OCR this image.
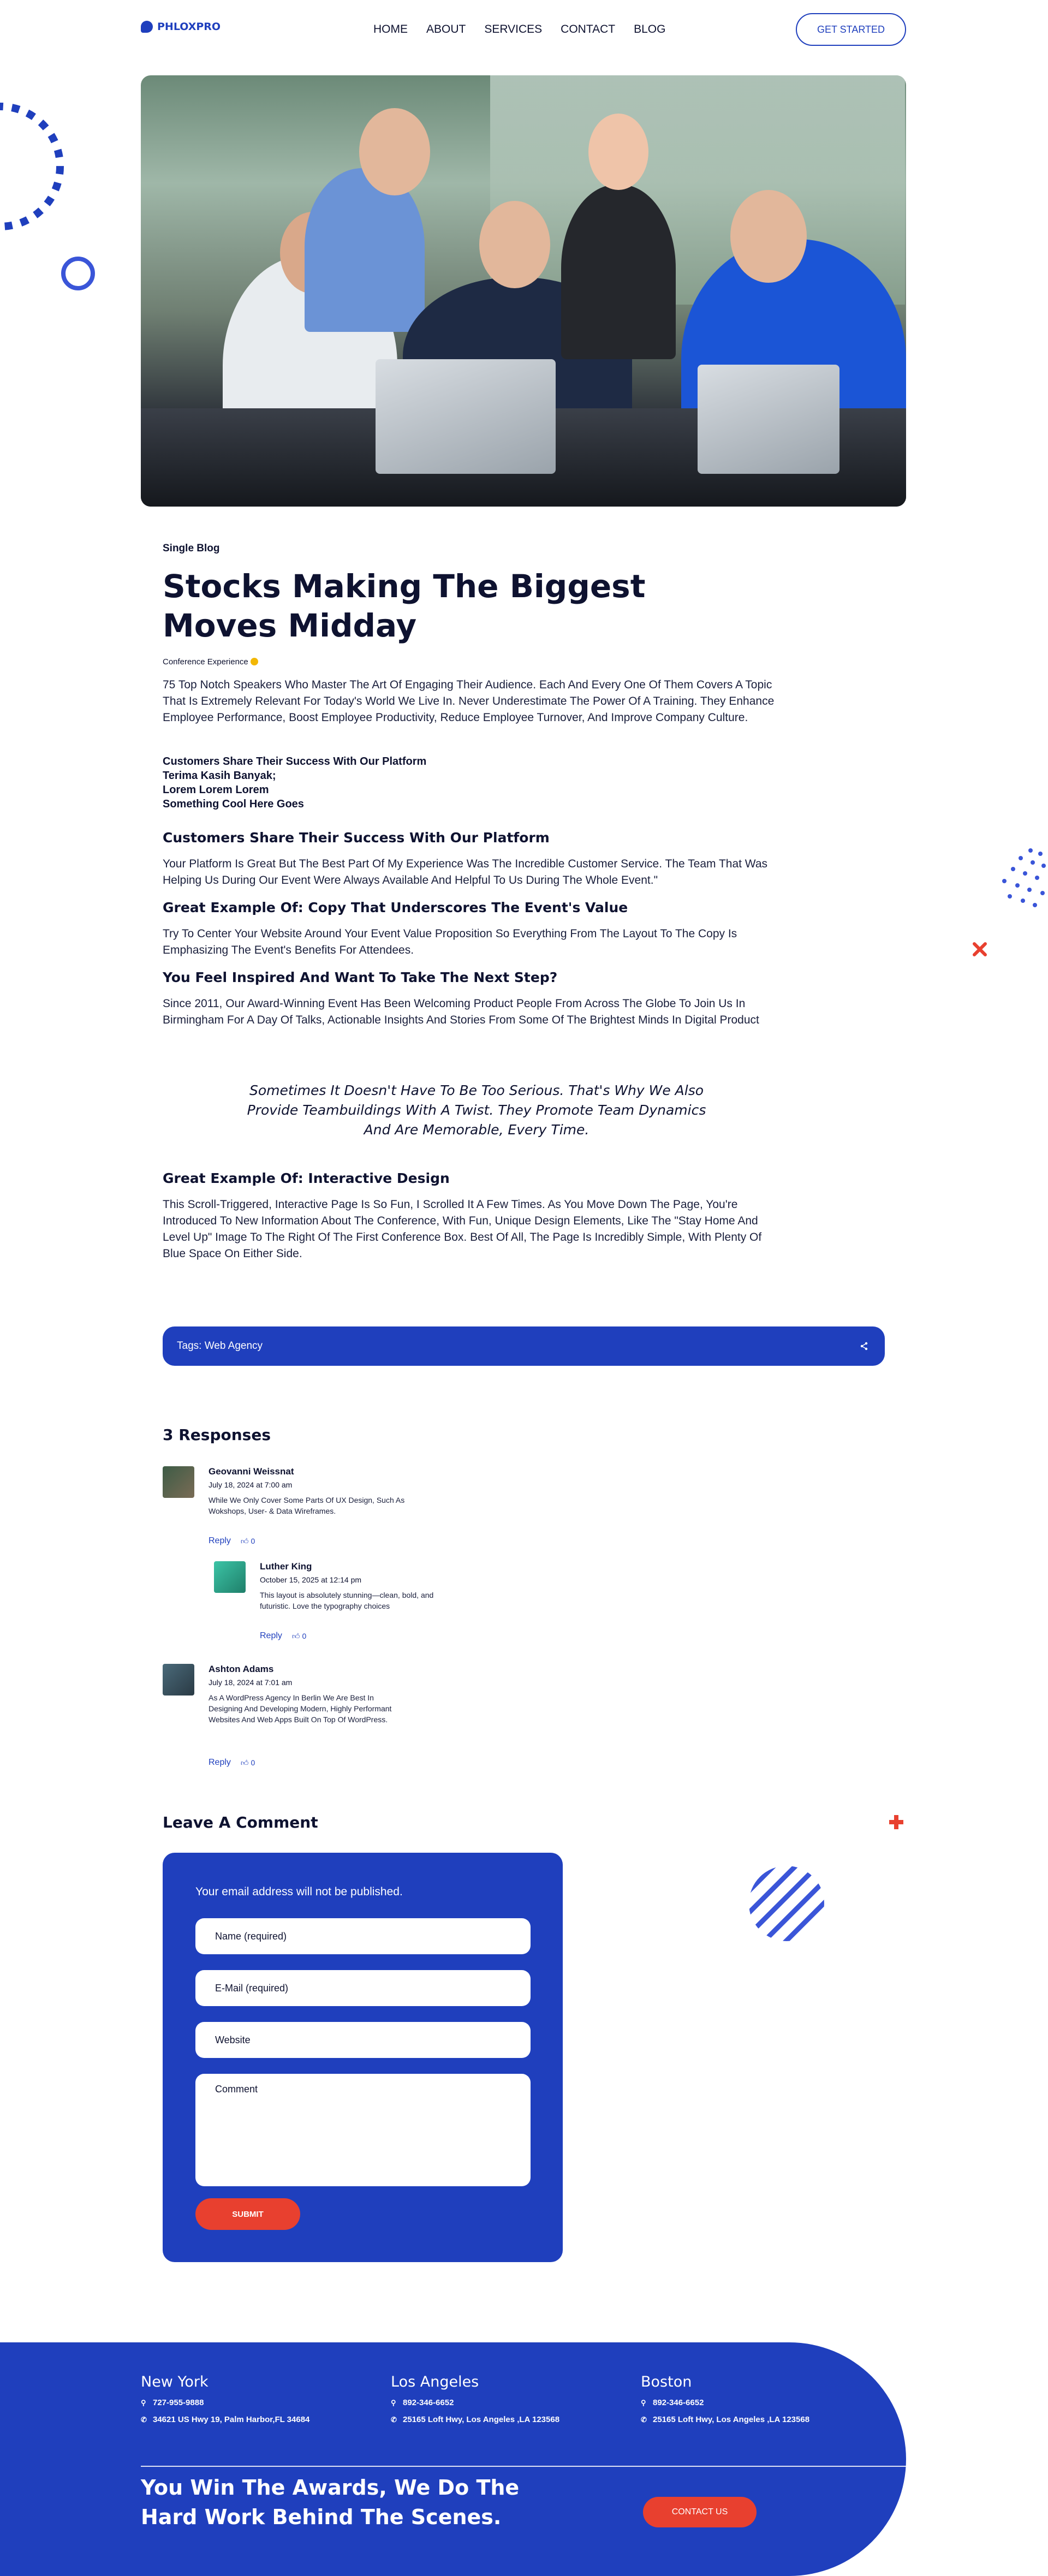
PHLOXPRO	HOME ABOUT SERVICES CONTACT BLOG	GET STARTED
Single Blog
Stocks Making The Biggest Moves Midday
Conference Experience

75 Top Notch Speakers Who Master The Art Of Engaging Their Audience. Each And Every One Of Them Covers A Topic That Is Extremely Relevant For Today's World We Live In. Never Underestimate The Power Of A Training. They Enhance Employee Performance, Boost Employee Productivity, Reduce Employee Turnover, And Improve Company Culture.

Customers Share Their Success With Our Platform
Terima Kasih Banyak;
Lorem Lorem Lorem
Something Cool Here Goes
Customers Share Their Success With Our Platform

Your Platform Is Great But The Best Part Of My Experience Was The Incredible Customer Service. The Team That Was Helping Us During Our Event Were Always Available And Helpful To Us During The Whole Event."

Great Example Of: Copy That Underscores The Event's Value

Try To Center Your Website Around Your Event Value Proposition So Everything From The Layout To The Copy Is Emphasizing The Event's Benefits For Attendees.

You Feel Inspired And Want To Take The Next Step?

Since 2011, Our Award-Winning Event Has Been Welcoming Product People From Across The Globe To Join Us In Birmingham For A Day Of Talks, Actionable Insights And Stories From Some Of The Brightest Minds In Digital Product

Sometimes It Doesn't Have To Be Too Serious. That's Why We Also Provide Teambuildings With A Twist. They Promote Team Dynamics And Are Memorable, Every Time.
Great Example Of: Interactive Design

This Scroll-Triggered, Interactive Page Is So Fun, I Scrolled It A Few Times. As You Move Down The Page, You're Introduced To New Information About The Conference, With Fun, Unique Design Elements, Like The "Stay Home And Level Up" Image To The Right Of The First Conference Box. Best Of All, The Page Is Incredibly Simple, With Plenty Of Blue Space On Either Side.

Tags: Web Agency
3 Responses
Geovanni Weissnat
July 18, 2024 at 7:00 am
While We Only Cover Some Parts Of UX Design, Such As Wokshops, User- & Data Wireframes.
Reply 👍︎ 0
Luther King
October 15, 2025 at 12:14 pm
This layout is absolutely stunning—clean, bold, and futuristic. Love the typography choices
Reply 👍︎ 0
Ashton Adams
July 18, 2024 at 7:01 am
As A WordPress Agency In Berlin We Are Best In Designing And Developing Modern, Highly Performant Websites And Web Apps Built On Top Of WordPress.
Reply 👍︎ 0
Leave A Comment
Your email address will not be published.
Name (required)
E-Mail (required)
Website
Comment
SUBMIT
New York
⚲ 727-955-9888
✆ 34621 US Hwy 19, Palm Harbor,FL 34684
Los Angeles
⚲ 892-346-6652
✆ 25165 Loft Hwy, Los Angeles ,LA 123568
Boston
⚲ 892-346-6652
✆ 25165 Loft Hwy, Los Angeles ,LA 123568
You Win The Awards, We Do The Hard Work Behind The Scenes.	CONTACT US
